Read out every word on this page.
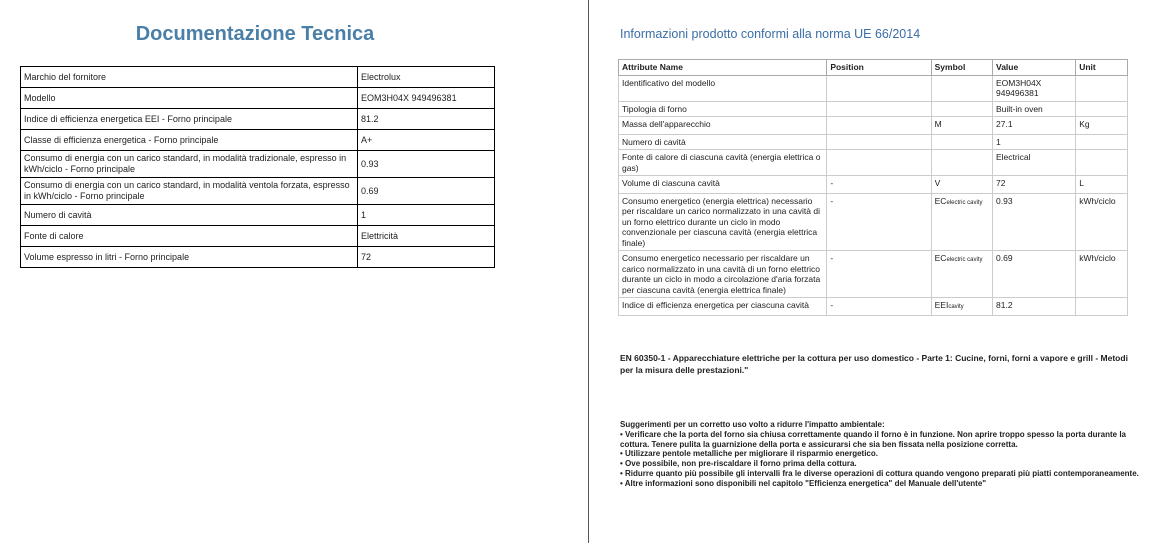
Documentazione Tecnica
Marchio del fornitore	Electrolux
Modello	EOM3H04X 949496381
Indice di efficienza energetica EEI - Forno principale	81.2
Classe di efficienza energetica - Forno principale	A+
Consumo di energia con un carico standard, in modalità tradizionale, espresso in kWh/ciclo - Forno principale	0.93
Consumo di energia con un carico standard, in modalità ventola forzata, espresso in kWh/ciclo - Forno principale	0.69
Numero di cavità	1
Fonte di calore	Elettricità
Volume espresso in litri - Forno principale	72
Informazioni prodotto conformi alla norma UE 66/2014
Attribute Name	Position	Symbol	Value	Unit
Identificativo del modello			EOM3H04X 949496381	
Tipologia di forno			Built-in oven	
Massa dell'apparecchio		M	27.1	Kg
Numero di cavità			1	
Fonte di calore di ciascuna cavità (energia elettrica o gas)			Electrical	
Volume di ciascuna cavità	-	V	72	L
Consumo energetico (energia elettrica) necessario per riscaldare un carico normalizzato in una cavità di un forno elettrico durante un ciclo in modo convenzionale per ciascuna cavità (energia elettrica finale)	-	ECelectric cavity	0.93	kWh/ciclo
Consumo energetico necessario per riscaldare un carico normalizzato in una cavità di un forno elettrico durante un ciclo in modo a circolazione d'aria forzata per ciascuna cavità (energia elettrica finale)	-	ECelectric cavity	0.69	kWh/ciclo
Indice di efficienza energetica per ciascuna cavità	-	EEIcavity	81.2	
EN 60350-1 - Apparecchiature elettriche per la cottura per uso domestico - Parte 1: Cucine, forni, forni a vapore e grill - Metodi per la misura delle prestazioni."
Suggerimenti per un corretto uso volto a ridurre l'impatto ambientale:
• Verificare che la porta del forno sia chiusa correttamente quando il forno è in funzione. Non aprire troppo spesso la porta durante la cottura. Tenere pulita la guarnizione della porta e assicurarsi che sia ben fissata nella posizione corretta.
• Utilizzare pentole metalliche per migliorare il risparmio energetico.
• Ove possibile, non pre-riscaldare il forno prima della cottura.
• Ridurre quanto più possibile gli intervalli fra le diverse operazioni di cottura quando vengono preparati più piatti contemporaneamente.
• Altre informazioni sono disponibili nel capitolo "Efficienza energetica" del Manuale dell'utente"
